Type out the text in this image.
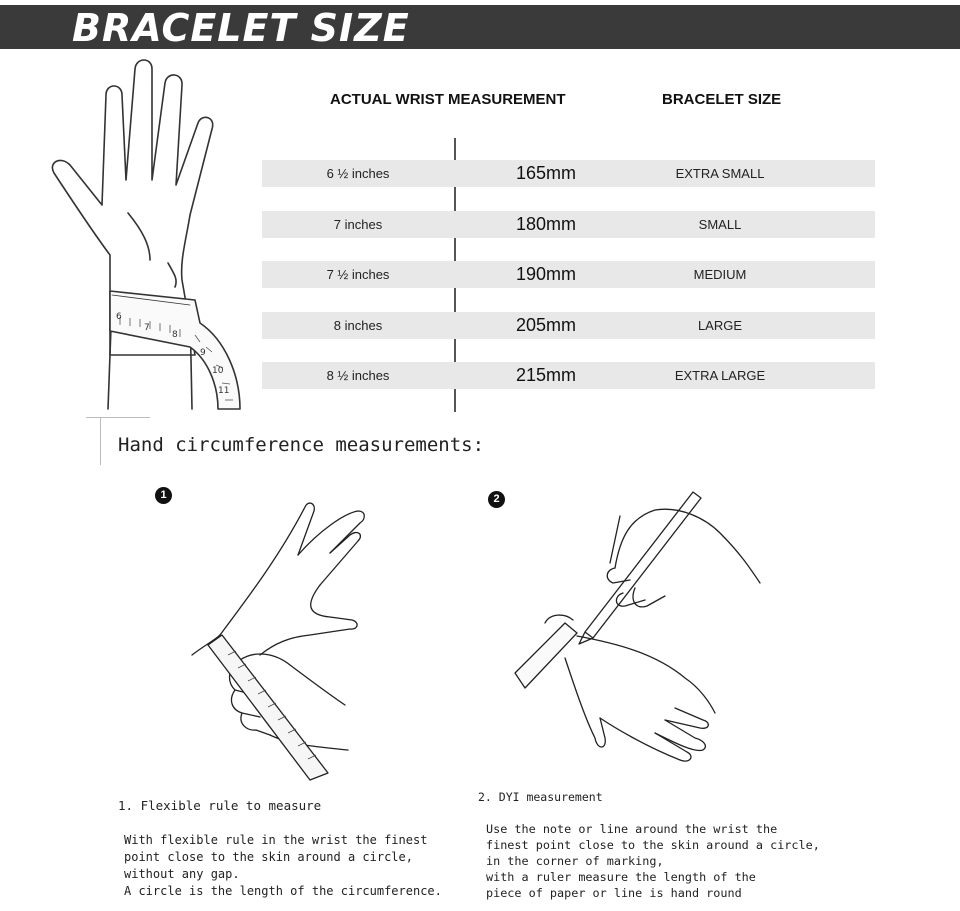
BRACELET SIZE
6
7
8
9
10
11
ACTUAL WRIST MEASUREMENT	BRACELET SIZE
6 ½ inches	165mm	EXTRA SMALL
7 inches	180mm	SMALL
7 ½ inches	190mm	MEDIUM
8 inches	205mm	LARGE
8 ½ inches	215mm	EXTRA LARGE
Hand circumference measurements:
1	2
1. Flexible rule to measure
2. DYI measurement
With flexible rule in the wrist the finest
point close to the skin around a circle,
without any gap.
A circle is the length of the circumference.
Use the note or line around the wrist the
finest point close to the skin around a circle,
in the corner of marking,
with a ruler measure the length of the
piece of paper or line is hand round
